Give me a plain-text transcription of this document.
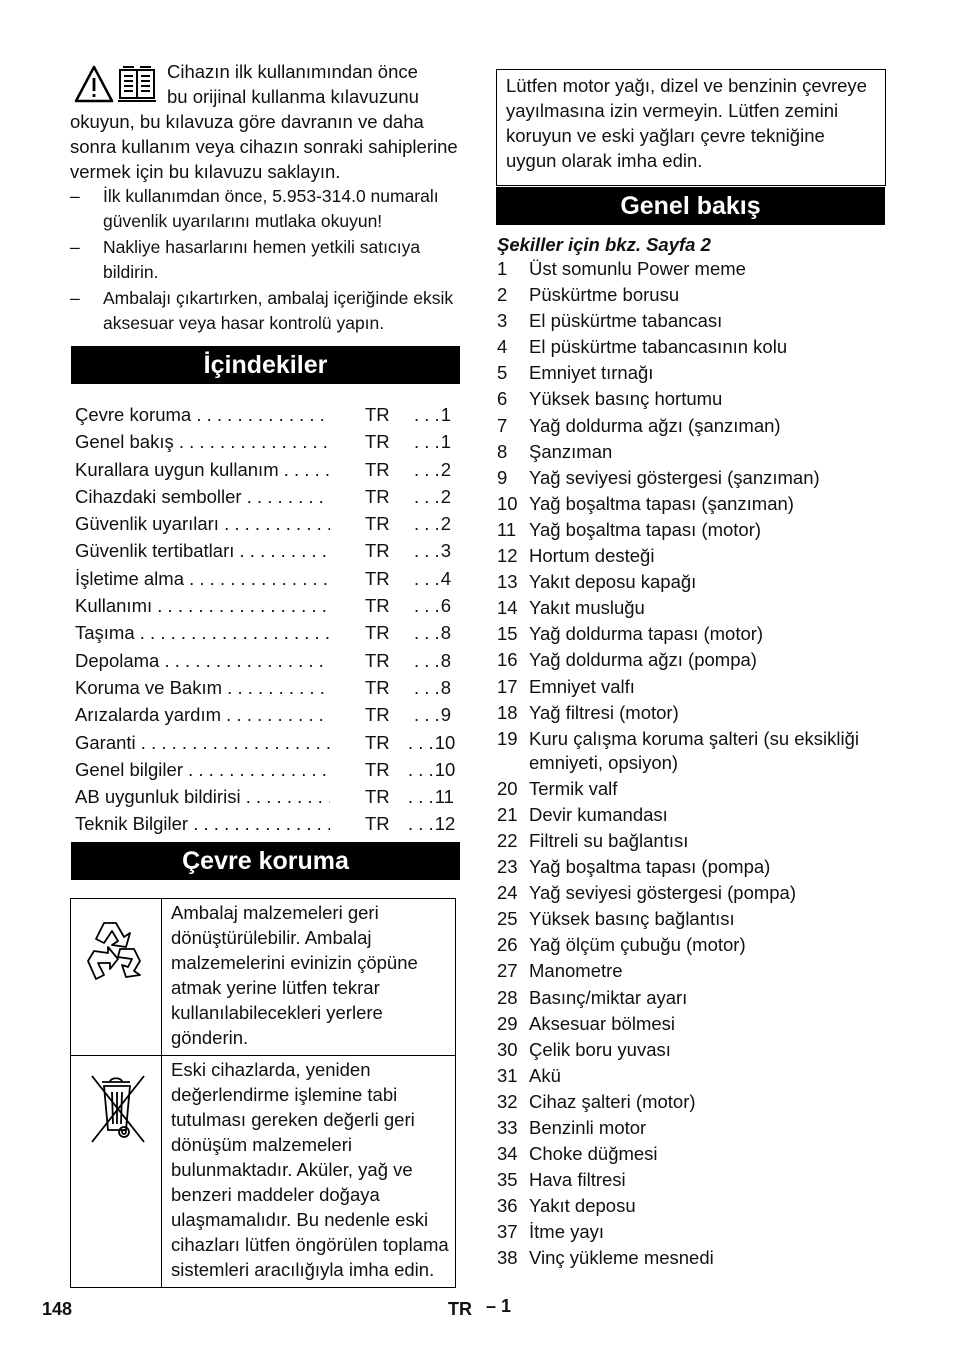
Cihazın ilk kullanımından önce
bu orijinal kullanma kılavuzunu
okuyun, bu kılavuza göre davranın ve daha sonra kullanım veya cihazın sonraki sahiplerine vermek için bu kılavuzu saklayın.
– İlk kullanımdan önce, 5.953-314.0 numaralı güvenlik uyarılarını mutlaka okuyun!
– Nakliye hasarlarını hemen yetkili satıcıya bildirin.
– Ambalajı çıkartırken, ambalaj içeriğinde eksik aksesuar veya hasar kontrolü yapın.
İçindekiler
Çevre koruma . . .	TR	. . . 1
Genel bakış . . .	TR	. . . 1
Kurallara uygun kullanım . . .	TR	. . . 2
Cihazdaki semboller . . .	TR	. . . 2
Güvenlik uyarıları . . .	TR	. . . 2
Güvenlik tertibatları . . .	TR	. . . 3
İşletime alma . . .	TR	. . . 4
Kullanımı . . .	TR	. . . 6
Taşıma . . .	TR	. . . 8
Depolama . . .	TR	. . . 8
Koruma ve Bakım . . .	TR	. . . 8
Arızalarda yardım . . .	TR	. . . 9
Garanti . . .	TR	. . . 10
Genel bilgiler . . .	TR	. . . 10
AB uygunluk bildirisi . . .	TR	. . . 11
Teknik Bilgiler . . .	TR	. . . 12
Çevre koruma
	Ambalaj malzemeleri geri dönüştürülebilir. Ambalaj malzemelerini evinizin çöpüne atmak yerine lütfen tekrar kullanılabilecekleri yerlere gönderin.
	Eski cihazlarda, yeniden değerlendirme işlemine tabi tutulması gereken değerli geri dönüşüm malzemeleri bulunmaktadır. Aküler, yağ ve benzeri maddeler doğaya ulaşmamalıdır. Bu nedenle eski cihazları lütfen öngörülen toplama sistemleri aracılığıyla imha edin.
Lütfen motor yağı, dizel ve benzinin çevreye yayılmasına izin vermeyin. Lütfen zemini koruyun ve eski yağları çevre tekniğine uygun olarak imha edin.
Genel bakış
Şekiller için bkz. Sayfa 2
1 Üst somunlu Power meme
2 Püskürtme borusu
3 El püskürtme tabancası
4 El püskürtme tabancasının kolu
5 Emniyet tırnağı
6 Yüksek basınç hortumu
7 Yağ doldurma ağzı (şanzıman)
8 Şanzıman
9 Yağ seviyesi göstergesi (şanzıman)
10 Yağ boşaltma tapası (şanzıman)
11 Yağ boşaltma tapası (motor)
12 Hortum desteği
13 Yakıt deposu kapağı
14 Yakıt musluğu
15 Yağ doldurma tapası (motor)
16 Yağ doldurma ağzı (pompa)
17 Emniyet valfı
18 Yağ filtresi (motor)
19 Kuru çalışma koruma şalteri (su eksikliği emniyeti, opsiyon)
20 Termik valf
21 Devir kumandası
22 Filtreli su bağlantısı
23 Yağ boşaltma tapası (pompa)
24 Yağ seviyesi göstergesi (pompa)
25 Yüksek basınç bağlantısı
26 Yağ ölçüm çubuğu (motor)
27 Manometre
28 Basınç/miktar ayarı
29 Aksesuar bölmesi
30 Çelik boru yuvası
31 Akü
32 Cihaz şalteri (motor)
33 Benzinli motor
34 Choke düğmesi
35 Hava filtresi
36 Yakıt deposu
37 İtme yayı
38 Vinç yükleme mesnedi
148	TR – 1
